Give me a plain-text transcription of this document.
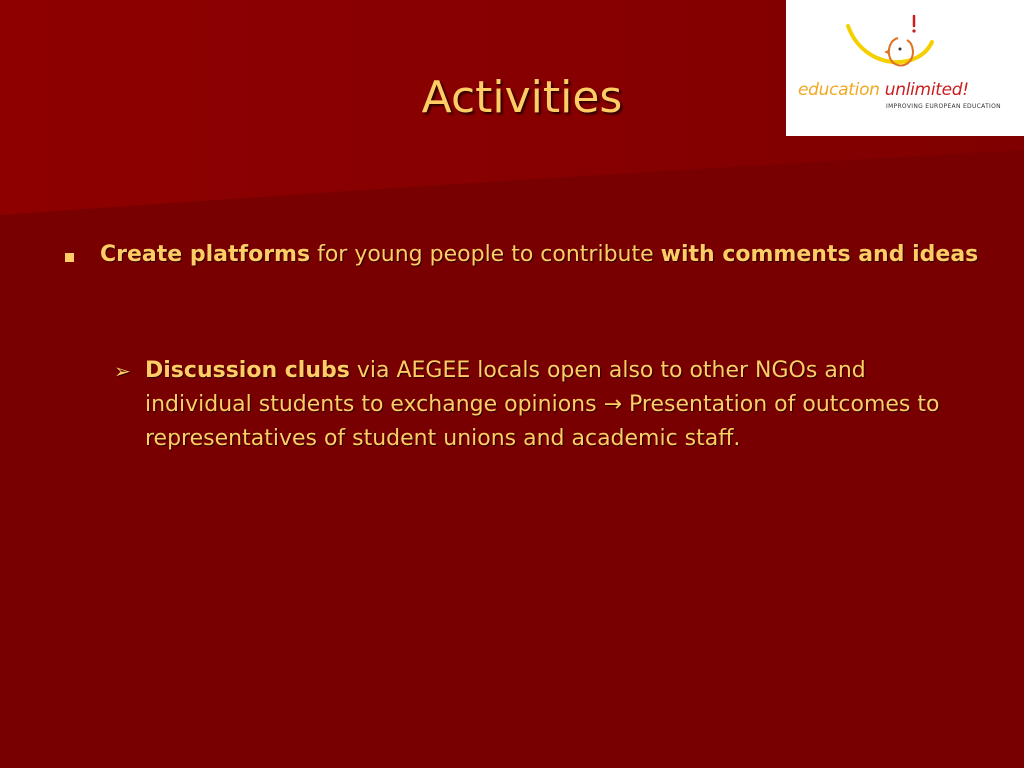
Activities	education unlimited!
IMPROVING EUROPEAN EDUCATION
Create platforms for young people to contribute with comments and ideas
➢ Discussion clubs via AEGEE locals open also to other NGOs and individual students to exchange opinions → Presentation of outcomes to representatives of student unions and academic staff.
